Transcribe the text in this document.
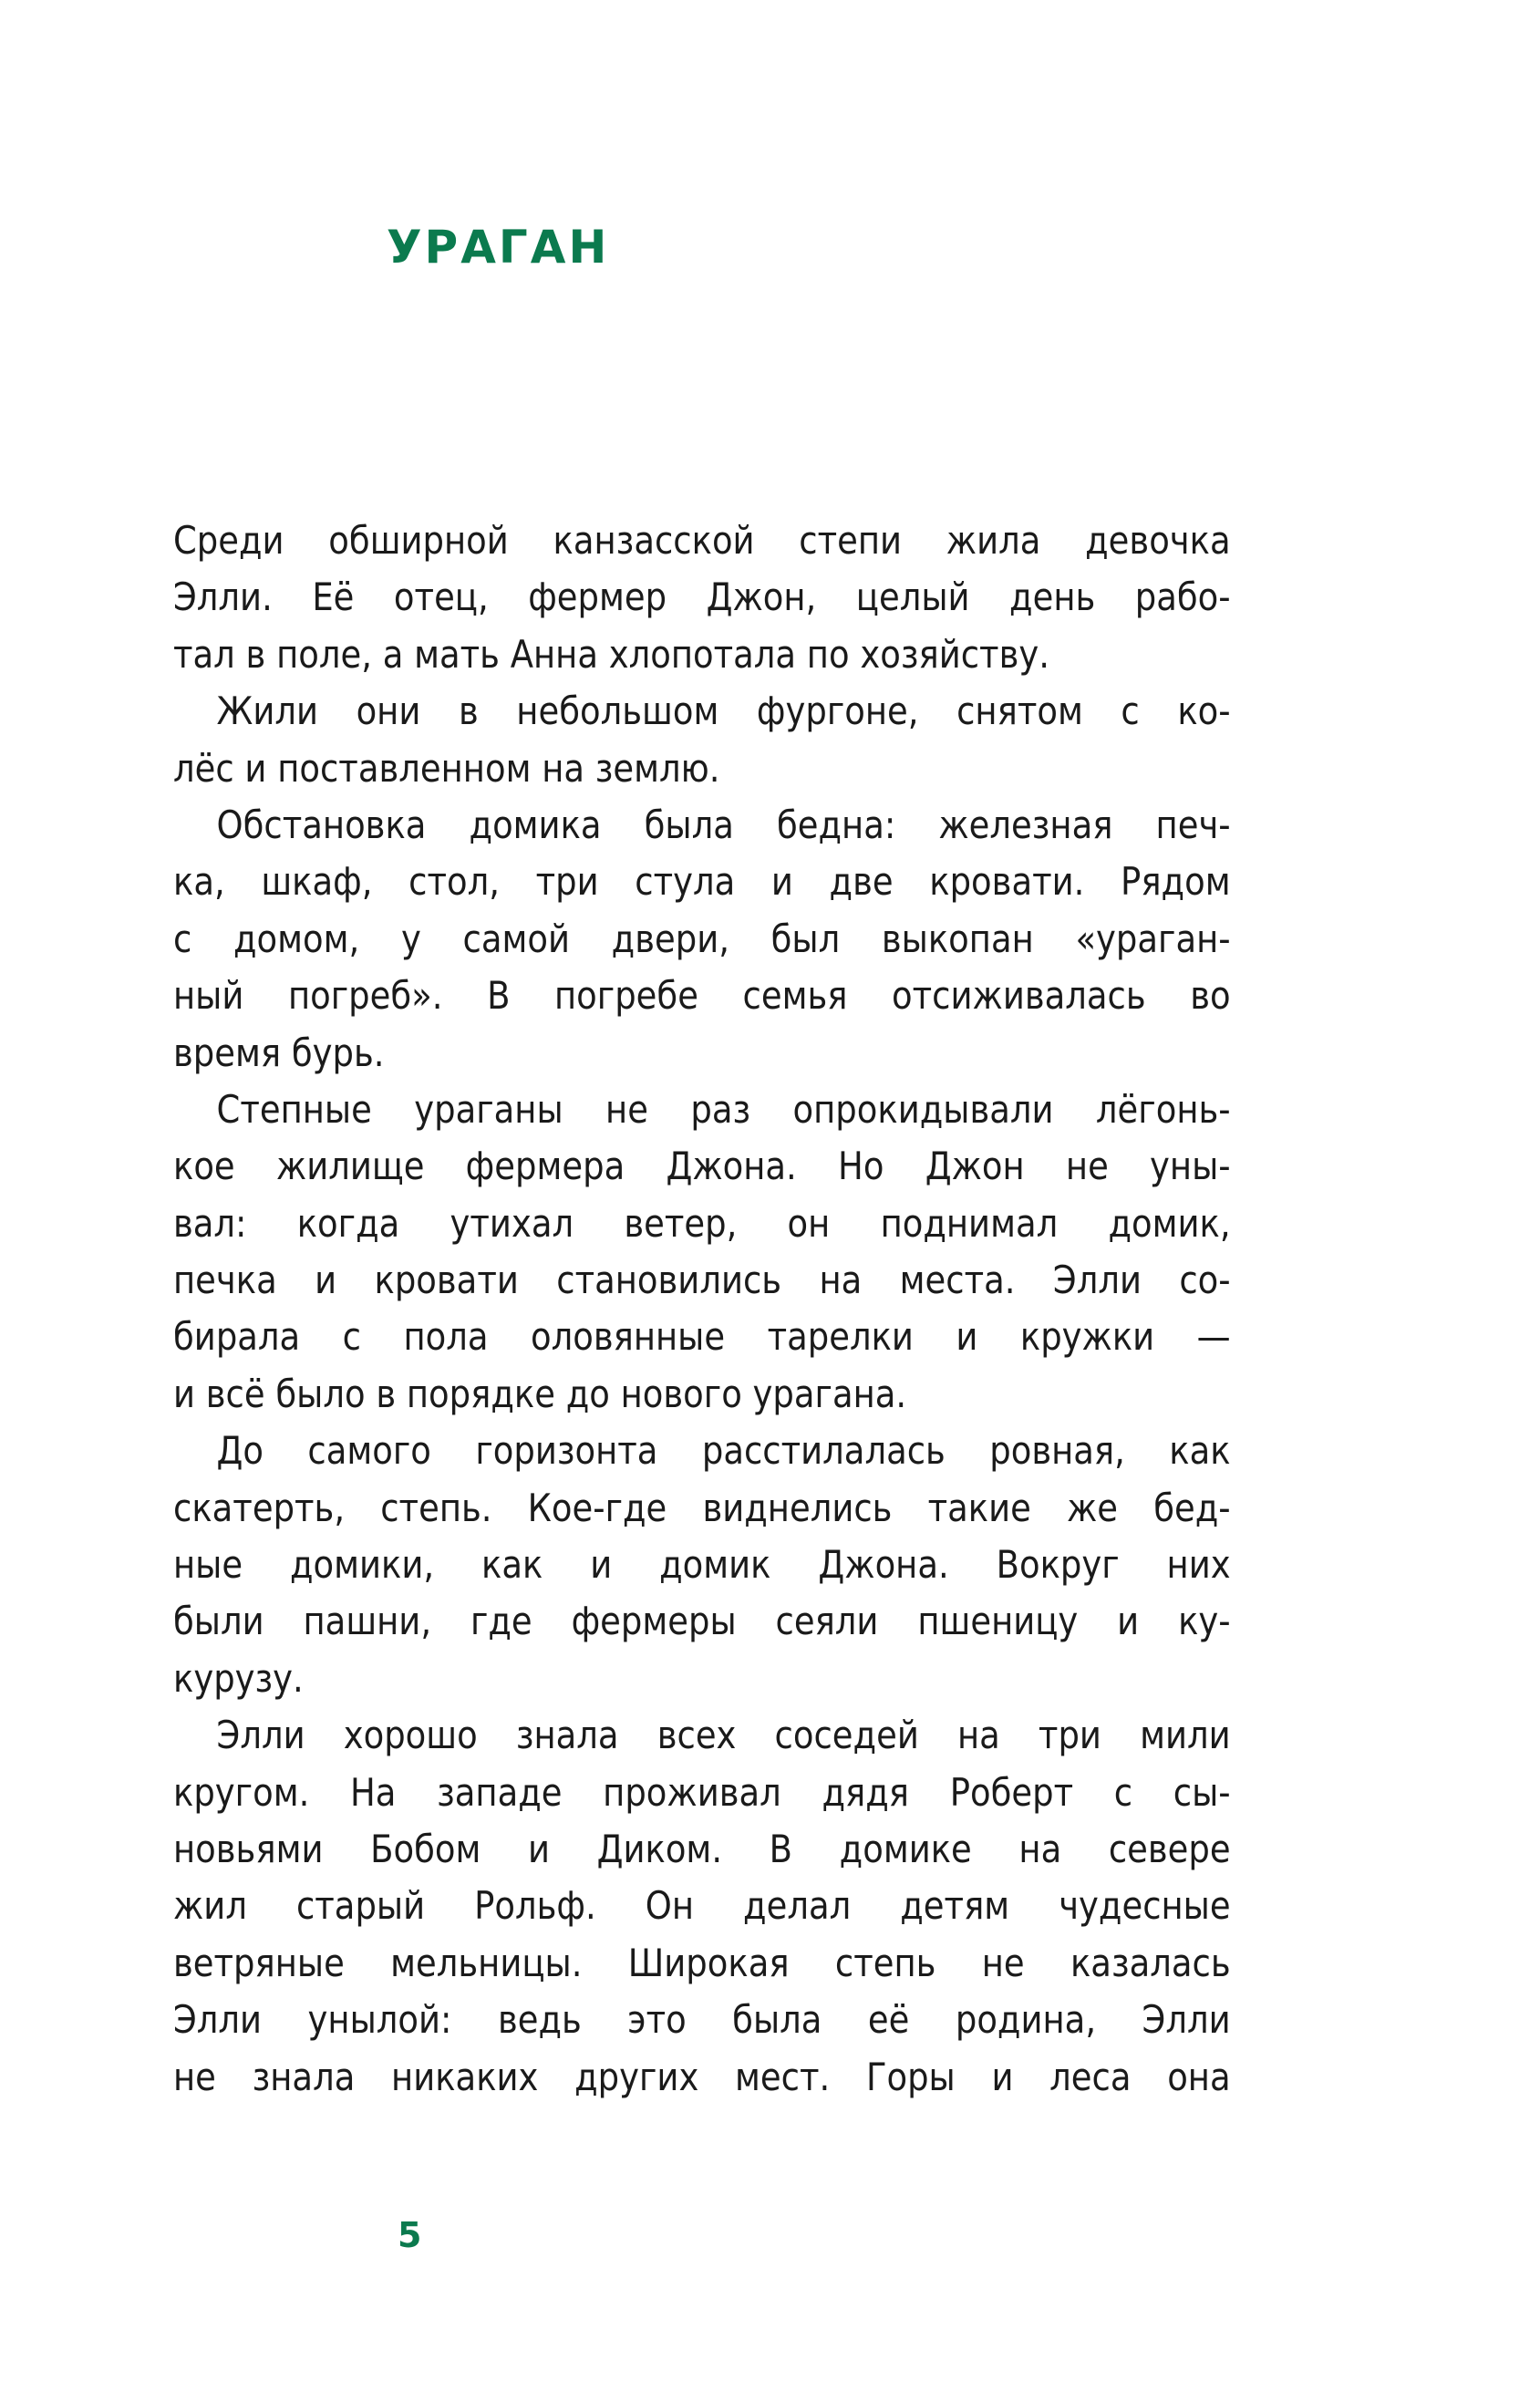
УРАГАН
Среди обширной канзасской степи жила девочка
Элли. Её отец, фермер Джон, целый день рабо-
тал в поле, а мать Анна хлопотала по хозяйству.
Жили они в небольшом фургоне, снятом с ко-
лёс и поставленном на землю.
Обстановка домика была бедна: железная печ-
ка, шкаф, стол, три стула и две кровати. Рядом
с домом, у самой двери, был выкопан «ураган-
ный погреб». В погребе семья отсиживалась во
время бурь.
Степные ураганы не раз опрокидывали лёгонь-
кое жилище фермера Джона. Но Джон не уны-
вал: когда утихал ветер, он поднимал домик,
печка и кровати становились на места. Элли со-
бирала с пола оловянные тарелки и кружки —
и всё было в порядке до нового урагана.
До самого горизонта расстилалась ровная, как
скатерть, степь. Кое-где виднелись такие же бед-
ные домики, как и домик Джона. Вокруг них
были пашни, где фермеры сеяли пшеницу и ку-
курузу.
Элли хорошо знала всех соседей на три мили
кругом. На западе проживал дядя Роберт с сы-
новьями Бобом и Диком. В домике на севере
жил старый Рольф. Он делал детям чудесные
ветряные мельницы. Широкая степь не казалась
Элли унылой: ведь это была её родина, Элли
не знала никаких других мест. Горы и леса она
5
